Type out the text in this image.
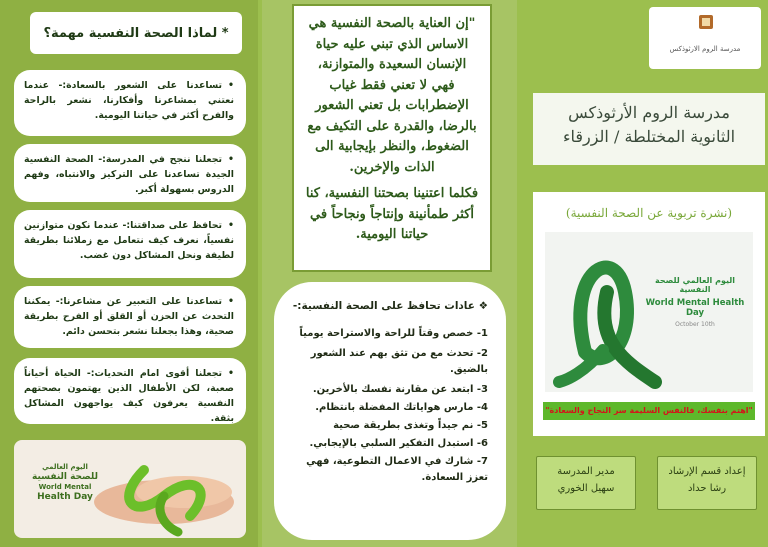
* لماذا الصحة النفسية مهمة؟
•تساعدنا على الشعور بالسعادة:- عندما نعتني بمشاعرنا وأفكارنا، نشعر بالراحة والفرح أكثر في حياتنا اليومية.
•تجعلنا ننجح في المدرسة:- الصحة النفسية الجيدة تساعدنا على التركيز والانتباه، وفهم الدروس بسهولة أكبر.
•تحافظ على صداقتنا:- عندما نكون متوازنين نفسياً، نعرف كيف نتعامل مع زملائنا بطريقة لطيفة ونحل المشاكل دون غضب.
•تساعدنا على التعبير عن مشاعرنا:- يمكننا التحدث عن الحزن أو القلق أو الفرح بطريقة صحية، وهذا يجعلنا نشعر بتحسن دائم.
•تجعلنا أقوى امام التحديات:- الحياة أحياناً صعبة، لكن الأطفال الذين يهتمون بصحتهم النفسية يعرفون كيف يواجهون المشاكل بثقة.
اليوم العالمي
للصحة النفسية
World Mental
Health Day
"إن العناية بالصحة النفسية هي الاساس الذي تبني عليه حياة الإنسان السعيدة والمتوازنة، فهي لا تعني فقط غياب الإضطرابات بل تعني الشعور بالرضا، والقدرة على التكيف مع الضغوط، والنظر بإيجابية الى الذات والإخرين.
فكلما اعتنينا بصحتنا النفسية، كنا أكثر طمأنينة وإنتاجاً ونجاحاً في حياتنا اليومية.
❖ عادات تحافظ على الصحة النفسية:-
1- خصص وقتاً للراحة والاستراحة يومياً
2- تحدث مع من تثق بهم عند الشعور بالضيق.
3- ابتعد عن مقارنة نفسك بالأخرين.
4- مارس هواياتك المفضلة بانتظام.
5- نم جيداً وتغذى بطريقة صحية
6- استبدل التفكير السلبي بالإيجابي.
7- شارك في الاعمال التطوعية، فهي تعزز السعادة.
مدرسة الروم الارثوذكس
مدرسة الروم الأرثوذكس
الثانوية المختلطة / الزرقاء
(نشرة تربوية عن الصحة النفسية)
اليوم العالمي للصحة النفسية
World Mental Health Day
October 10th
"اهتم بنفسك، فالنفس السليمة سر النجاح والسعادة"
مدير المدرسة
سهيل الخوري
إعداد قسم الإرشاد
رشا حداد
